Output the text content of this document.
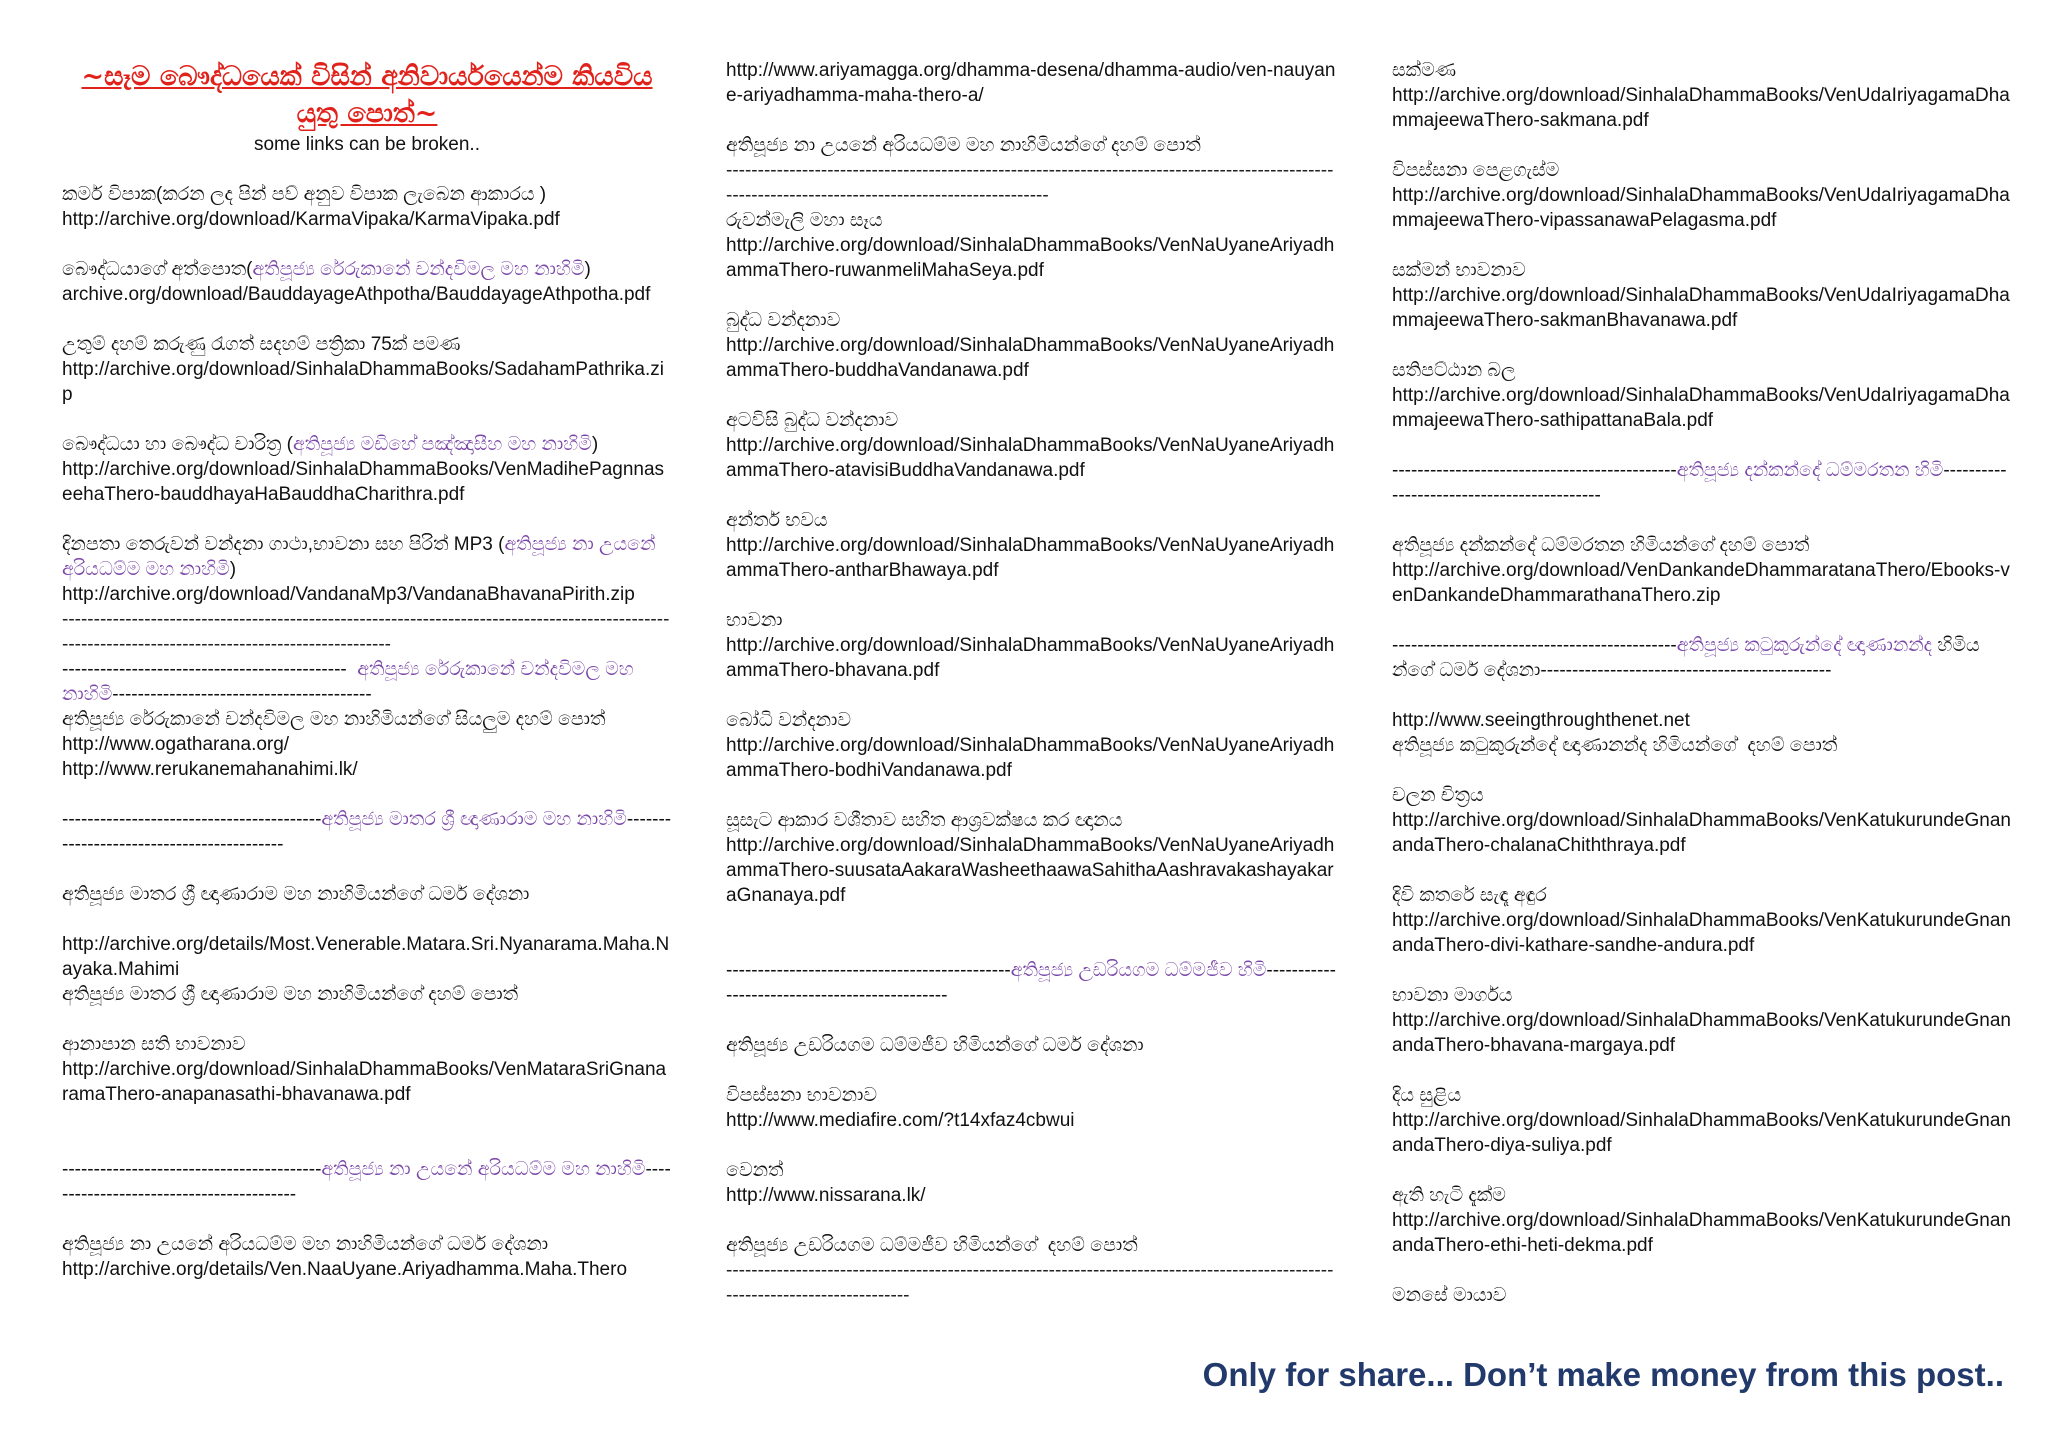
~සෑම බෞද්ධයෙක් විසින් අනිවාර්යයෙන්ම කියවිය යුතු පොත්~
some links can be broken..
කර්ම විපාක(කරන ලද පින් පව් අනුව විපාක ලැබෙන ආකාරය )
http://archive.org/download/KarmaVipaka/KarmaVipaka.pdf
බෞද්ධයාගේ අත්පොත(අතිපූජ්‍ය රේරුකානේ චන්දවිමල මහ නාහිමි)
archive.org/download/BauddayageAthpotha/BauddayageAthpotha.pdf
උතුම් දහම් කරුණු රැගත් සදහම් පත්‍රිකා 75ක් පමණ
http://archive.org/download/SinhalaDhammaBooks/SadahamPathrika.zip
බෞද්ධයා හා බෞද්ධ චාරිත්‍ර (අතිපූජ්‍ය මඩිහේ පඤ්ඤාසීහ මහ නාහිමි)
http://archive.org/download/SinhalaDhammaBooks/VenMadihePagnnaseehaThero-bauddhayaHaBauddhaCharithra.pdf
දිනපතා තෙරුවන් වන්දනා ගාථා,භාවනා සහ පිරිත් MP3 (අතිපූජ්‍ය නා උයනේ අරියධම්ම මහ නාහිමි)
http://archive.org/download/VandanaMp3/VandanaBhavanaPirith.zip
----------------------------------------------------------------------------------------------------------------------------------------------------
---------------------------------------------  අතිපූජ්‍ය රේරුකානේ චන්දවිමල මහ නාහිමි-----------------------------------------
අතිපූජ්‍ය රේරුකානේ චන්දවිමල මහ නාහිමියන්ගේ සියලුම දහම් පොත්
http://www.ogatharana.org/
http://www.rerukanemahanahimi.lk/
-----------------------------------------අතිපූජ්‍ය මාතර ශ්‍රී ඥාණාරාම මහ නාහිමි------------------------------------------
අතිපූජ්‍ය මාතර ශ්‍රී ඥාණාරාම මහ නාහිමියන්ගේ ධර්ම දේශනා
http://archive.org/details/Most.Venerable.Matara.Sri.Nyanarama.Maha.Nayaka.Mahimi
අතිපූජ්‍ය මාතර ශ්‍රී ඥාණාරාම මහ නාහිමියන්ගේ දහම් පොත්
ආනාපාන සති භාවනාව
http://archive.org/download/SinhalaDhammaBooks/VenMataraSriGnanaramaThero-anapanasathi-bhavanawa.pdf
-----------------------------------------අතිපූජ්‍ය නා උයනේ අරියධම්ම මහ නාහිමි-----------------------------------------
අතිපූජ්‍ය නා උයනේ අරියධම්ම මහ නාහිමියන්ගේ ධර්ම දේශනා
http://archive.org/details/Ven.NaaUyane.Ariyadhamma.Maha.Thero
http://www.ariyamagga.org/dhamma-desena/dhamma-audio/ven-nauyane-ariyadhamma-maha-thero-a/
අතිපූජ්‍ය නා උයනේ අරියධම්ම මහ නාහිමියන්ගේ දහම් පොත්
---------------------------------------------------------------------------------------------------------------------------------------------------
රුවන්මැලි මහා සෑය
http://archive.org/download/SinhalaDhammaBooks/VenNaUyaneAriyadhammaThero-ruwanmeliMahaSeya.pdf
බුද්ධ වන්දනාව
http://archive.org/download/SinhalaDhammaBooks/VenNaUyaneAriyadhammaThero-buddhaVandanawa.pdf
අටවිසි බුද්ධ වන්දනාව
http://archive.org/download/SinhalaDhammaBooks/VenNaUyaneAriyadhammaThero-atavisiBuddhaVandanawa.pdf
අන්තර් භවය
http://archive.org/download/SinhalaDhammaBooks/VenNaUyaneAriyadhammaThero-antharBhawaya.pdf
භාවනා
http://archive.org/download/SinhalaDhammaBooks/VenNaUyaneAriyadhammaThero-bhavana.pdf
බෝධි වන්දනාව
http://archive.org/download/SinhalaDhammaBooks/VenNaUyaneAriyadhammaThero-bodhiVandanawa.pdf
සූසැට ආකාර වශීතාව සහිත ආශ්‍රවක්ෂය කර ඥානය
http://archive.org/download/SinhalaDhammaBooks/VenNaUyaneAriyadhammaThero-suusataAakaraWasheethaawaSahithaAashravakashayakaraGnanaya.pdf
---------------------------------------------අතිපූජ්‍ය උඩරියගම ධම්මජීව හිමි----------------------------------------------
අතිපූජ්‍ය උඩරියගම ධම්මජීව හිමියන්ගේ ධර්ම දේශනා
විපස්සනා භාවනාව
http://www.mediafire.com/?t14xfaz4cbwui
වෙනත්
http://www.nissarana.lk/
අතිපූජ්‍ය උඩරියගම ධම්මජීව හිමියන්ගේ  දහම් පොත්
-----------------------------------------------------------------------------------------------------------------------------
සක්මණ
http://archive.org/download/SinhalaDhammaBooks/VenUdaIriyagamaDhammajeewaThero-sakmana.pdf
විපස්සනා පෙළගැස්ම
http://archive.org/download/SinhalaDhammaBooks/VenUdaIriyagamaDhammajeewaThero-vipassanawaPelagasma.pdf
සක්මන් භාවනාව
http://archive.org/download/SinhalaDhammaBooks/VenUdaIriyagamaDhammajeewaThero-sakmanBhavanawa.pdf
සතිපට්ඨාන බල
http://archive.org/download/SinhalaDhammaBooks/VenUdaIriyagamaDhammajeewaThero-sathipattanaBala.pdf
---------------------------------------------අතිපූජ්‍ය දන්කන්දේ ධම්මරතන හිමි-------------------------------------------
අතිපූජ්‍ය දන්කන්දේ ධම්මරතන හිමියන්ගේ දහම් පොත්
http://archive.org/download/VenDankandeDhammaratanaThero/Ebooks-venDankandeDhammarathanaThero.zip
---------------------------------------------අතිපූජ්‍ය කටුකුරුන්දේ ඥාණානන්ද හිමියන්ගේ ධර්ම දේශනා----------------------------------------------
http://www.seeingthroughthenet.net
අතිපූජ්‍ය කටුකුරුන්දේ ඥාණානන්ද හිමියන්ගේ  දහම් පොත්
චලන චිත්‍රය
http://archive.org/download/SinhalaDhammaBooks/VenKatukurundeGnanandaThero-chalanaChiththraya.pdf
දිවි කතරේ සැඳෑ අඳුර
http://archive.org/download/SinhalaDhammaBooks/VenKatukurundeGnanandaThero-divi-kathare-sandhe-andura.pdf
භාවනා මාර්ගය
http://archive.org/download/SinhalaDhammaBooks/VenKatukurundeGnanandaThero-bhavana-margaya.pdf
දිය සුළිය
http://archive.org/download/SinhalaDhammaBooks/VenKatukurundeGnanandaThero-diya-suliya.pdf
ඇති හැටි දැක්ම
http://archive.org/download/SinhalaDhammaBooks/VenKatukurundeGnanandaThero-ethi-heti-dekma.pdf
මනසේ මායාව
Only for share... Don’t make money from this post..
